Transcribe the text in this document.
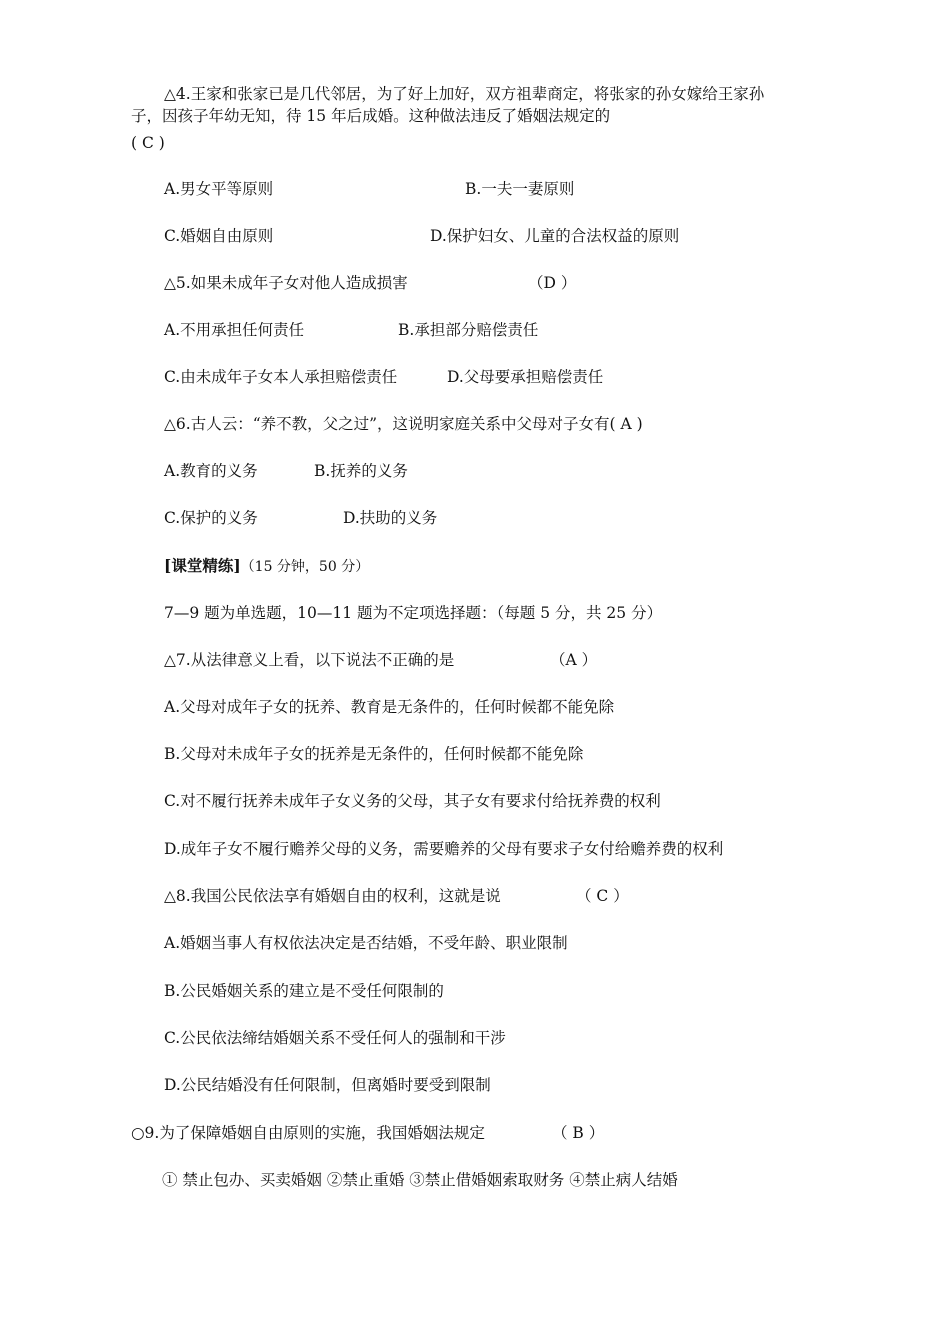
△4.王家和张家已是几代邻居，为了好上加好，双方祖辈商定，将张家的孙女嫁给王家孙
子，因孩子年幼无知，待 15 年后成婚。这种做法违反了婚姻法规定的
( C )
A.男女平等原则	B.一夫一妻原则
C.婚姻自由原则	D.保护妇女、儿童的合法权益的原则
△5.如果未成年子女对他人造成损害	（D ）
A.不用承担任何责任	B.承担部分赔偿责任
C.由未成年子女本人承担赔偿责任	D.父母要承担赔偿责任
△6.古人云：“养不教，父之过”，这说明家庭关系中父母对子女有( A )
A.教育的义务	B.抚养的义务
C.保护的义务	D.扶助的义务
[课堂精练]（15 分钟，50 分）
7—9 题为单选题，10—11 题为不定项选择题：（每题 5 分，共 25 分）
△7.从法律意义上看，以下说法不正确的是	（A ）
A.父母对成年子女的抚养、教育是无条件的，任何时候都不能免除
B.父母对未成年子女的抚养是无条件的，任何时候都不能免除
C.对不履行抚养未成年子女义务的父母，其子女有要求付给抚养费的权利
D.成年子女不履行赡养父母的义务，需要赡养的父母有要求子女付给赡养费的权利
△8.我国公民依法享有婚姻自由的权利，这就是说	（ C ）
A.婚姻当事人有权依法决定是否结婚，不受年龄、职业限制
B.公民婚姻关系的建立是不受任何限制的
C.公民依法缔结婚姻关系不受任何人的强制和干涉
D.公民结婚没有任何限制，但离婚时要受到限制
○9.为了保障婚姻自由原则的实施，我国婚姻法规定	（ B ）
① 禁止包办、买卖婚姻 ②禁止重婚 ③禁止借婚姻索取财务 ④禁止病人结婚
